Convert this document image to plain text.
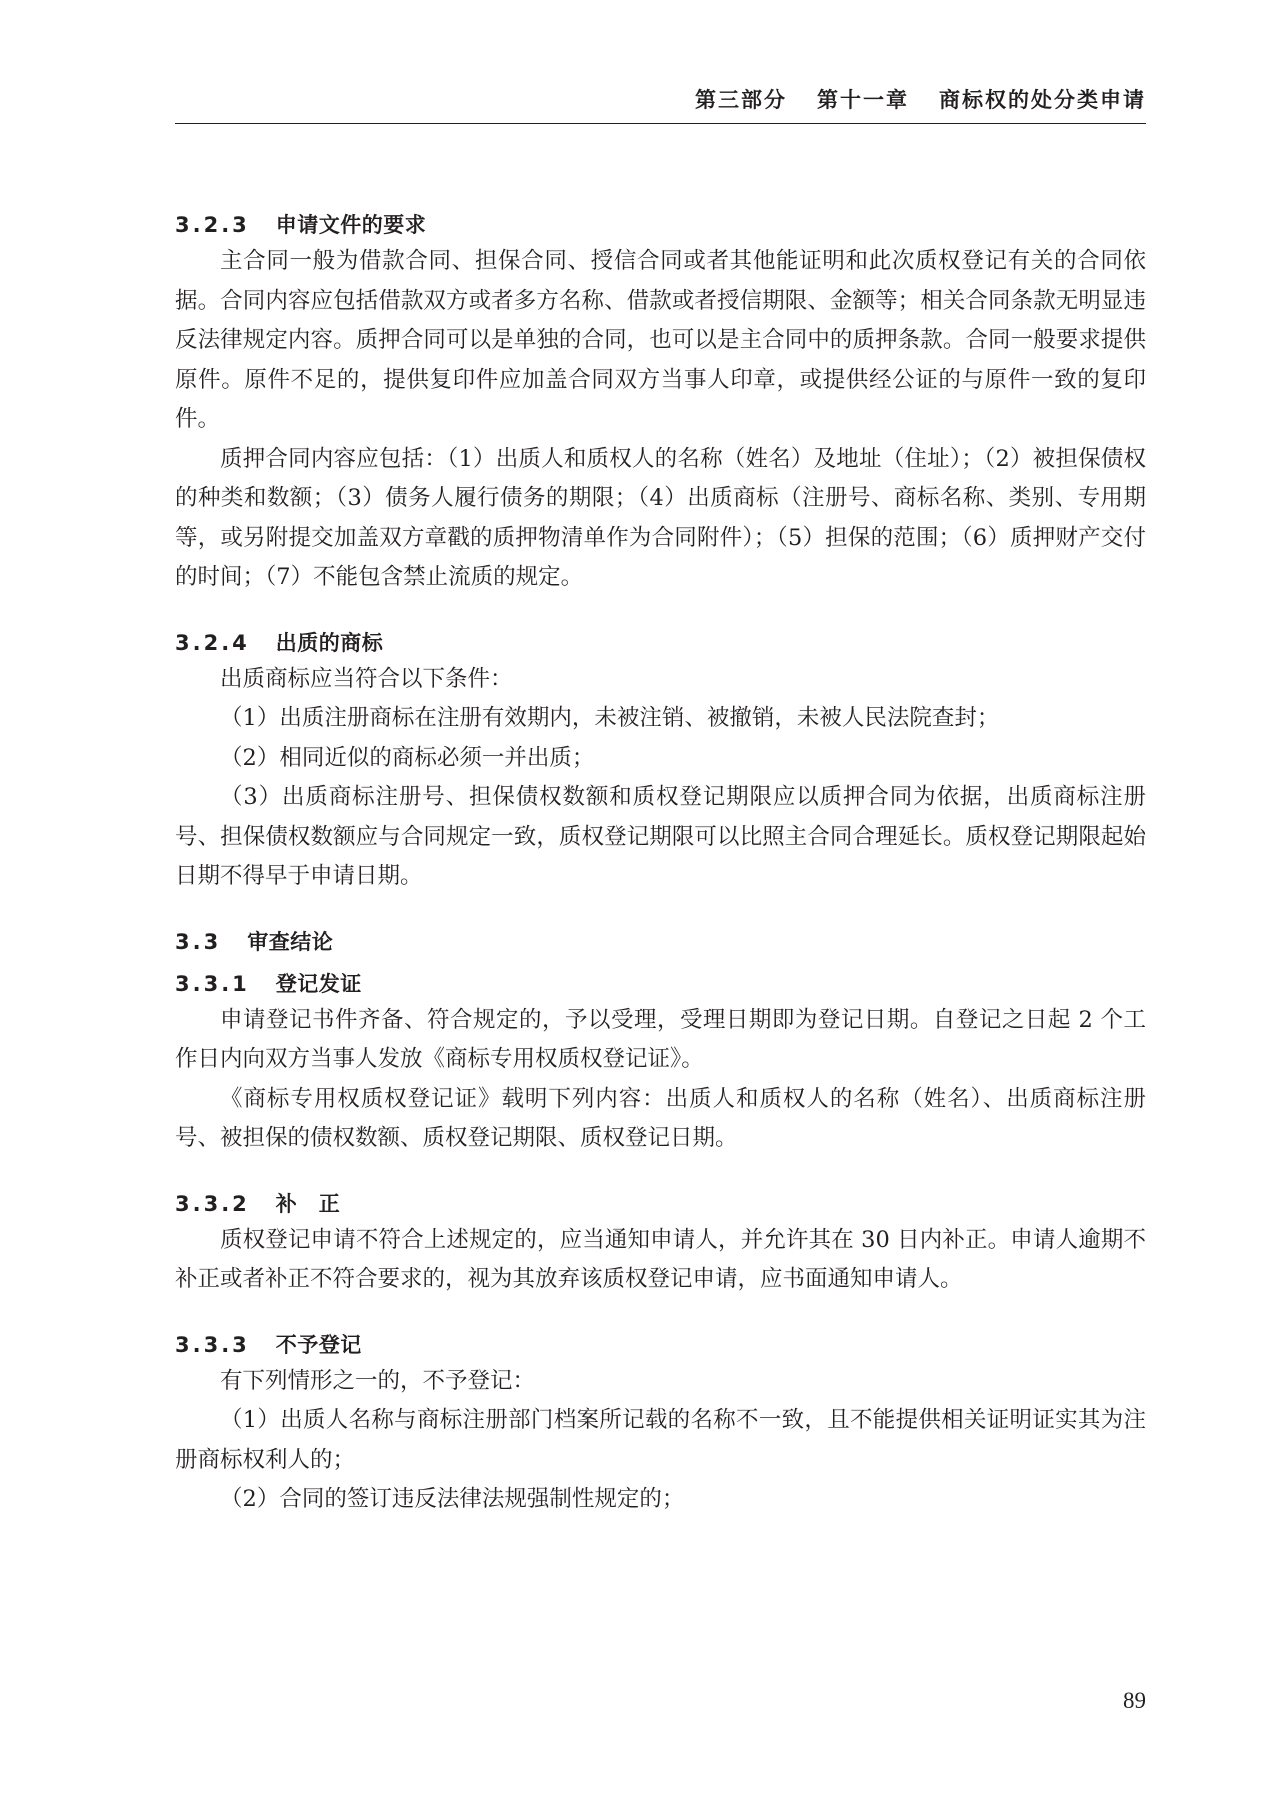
第三部分 第十一章 商标权的处分类申请
3.2.3 申请文件的要求

主合同一般为借款合同、担保合同、授信合同或者其他能证明和此次质权登记有关的合同依据。合同内容应包括借款双方或者多方名称、借款或者授信期限、金额等；相关合同条款无明显违反法律规定内容。质押合同可以是单独的合同，也可以是主合同中的质押条款。合同一般要求提供原件。原件不足的，提供复印件应加盖合同双方当事人印章，或提供经公证的与原件一致的复印件。

质押合同内容应包括：（1）出质人和质权人的名称（姓名）及地址（住址）；（2）被担保债权的种类和数额；（3）债务人履行债务的期限；（4）出质商标（注册号、商标名称、类别、专用期等，或另附提交加盖双方章戳的质押物清单作为合同附件）；（5）担保的范围；（6）质押财产交付的时间；（7）不能包含禁止流质的规定。

3.2.4 出质的商标

出质商标应当符合以下条件：

（1）出质注册商标在注册有效期内，未被注销、被撤销，未被人民法院查封；

（2）相同近似的商标必须一并出质；

（3）出质商标注册号、担保债权数额和质权登记期限应以质押合同为依据，出质商标注册号、担保债权数额应与合同规定一致，质权登记期限可以比照主合同合理延长。质权登记期限起始日期不得早于申请日期。

3.3 审查结论
3.3.1 登记发证

申请登记书件齐备、符合规定的，予以受理，受理日期即为登记日期。自登记之日起 2 个工作日内向双方当事人发放《商标专用权质权登记证》。

《商标专用权质权登记证》载明下列内容：出质人和质权人的名称（姓名）、出质商标注册号、被担保的债权数额、质权登记期限、质权登记日期。

3.3.2 补　正

质权登记申请不符合上述规定的，应当通知申请人，并允许其在 30 日内补正。申请人逾期不补正或者补正不符合要求的，视为其放弃该质权登记申请，应书面通知申请人。

3.3.3 不予登记

有下列情形之一的，不予登记：

（1）出质人名称与商标注册部门档案所记载的名称不一致，且不能提供相关证明证实其为注册商标权利人的；

（2）合同的签订违反法律法规强制性规定的；

89
